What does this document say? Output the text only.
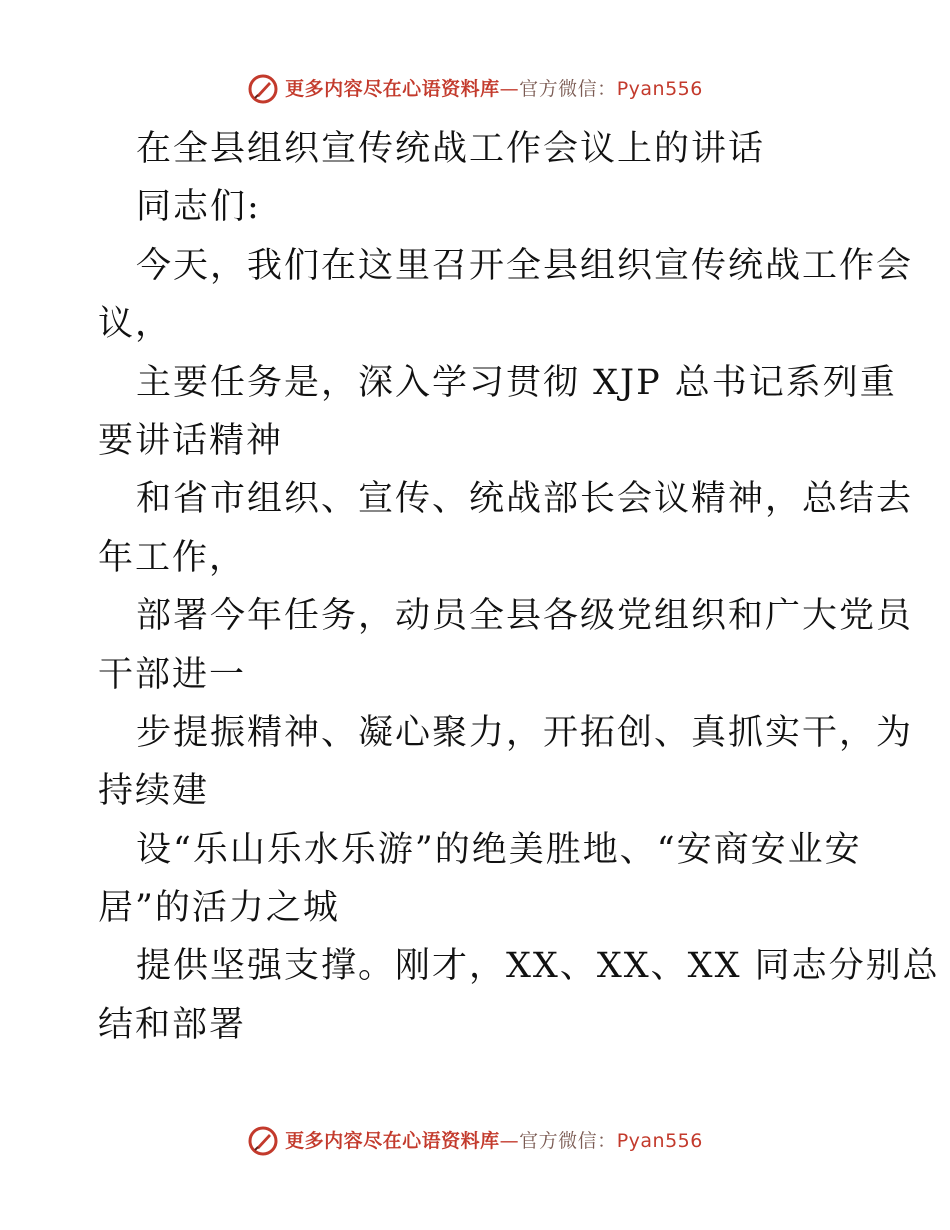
更多内容尽在心语资料库—官方微信：Pyan556
在全县组织宣传统战工作会议上的讲话
同志们:
今天，我们在这里召开全县组织宣传统战工作会
议，
主要任务是，深入学习贯彻 XJP 总书记系列重
要讲话精神
和省市组织、宣传、统战部长会议精神，总结去
年工作，
部署今年任务，动员全县各级党组织和广大党员
干部进一
步提振精神、凝心聚力，开拓创、真抓实干，为
持续建
设“乐山乐水乐游”的绝美胜地、“安商安业安
居”的活力之城
提供坚强支撑。刚才，XX、XX、XX 同志分别总
结和部署
更多内容尽在心语资料库—官方微信：Pyan556
